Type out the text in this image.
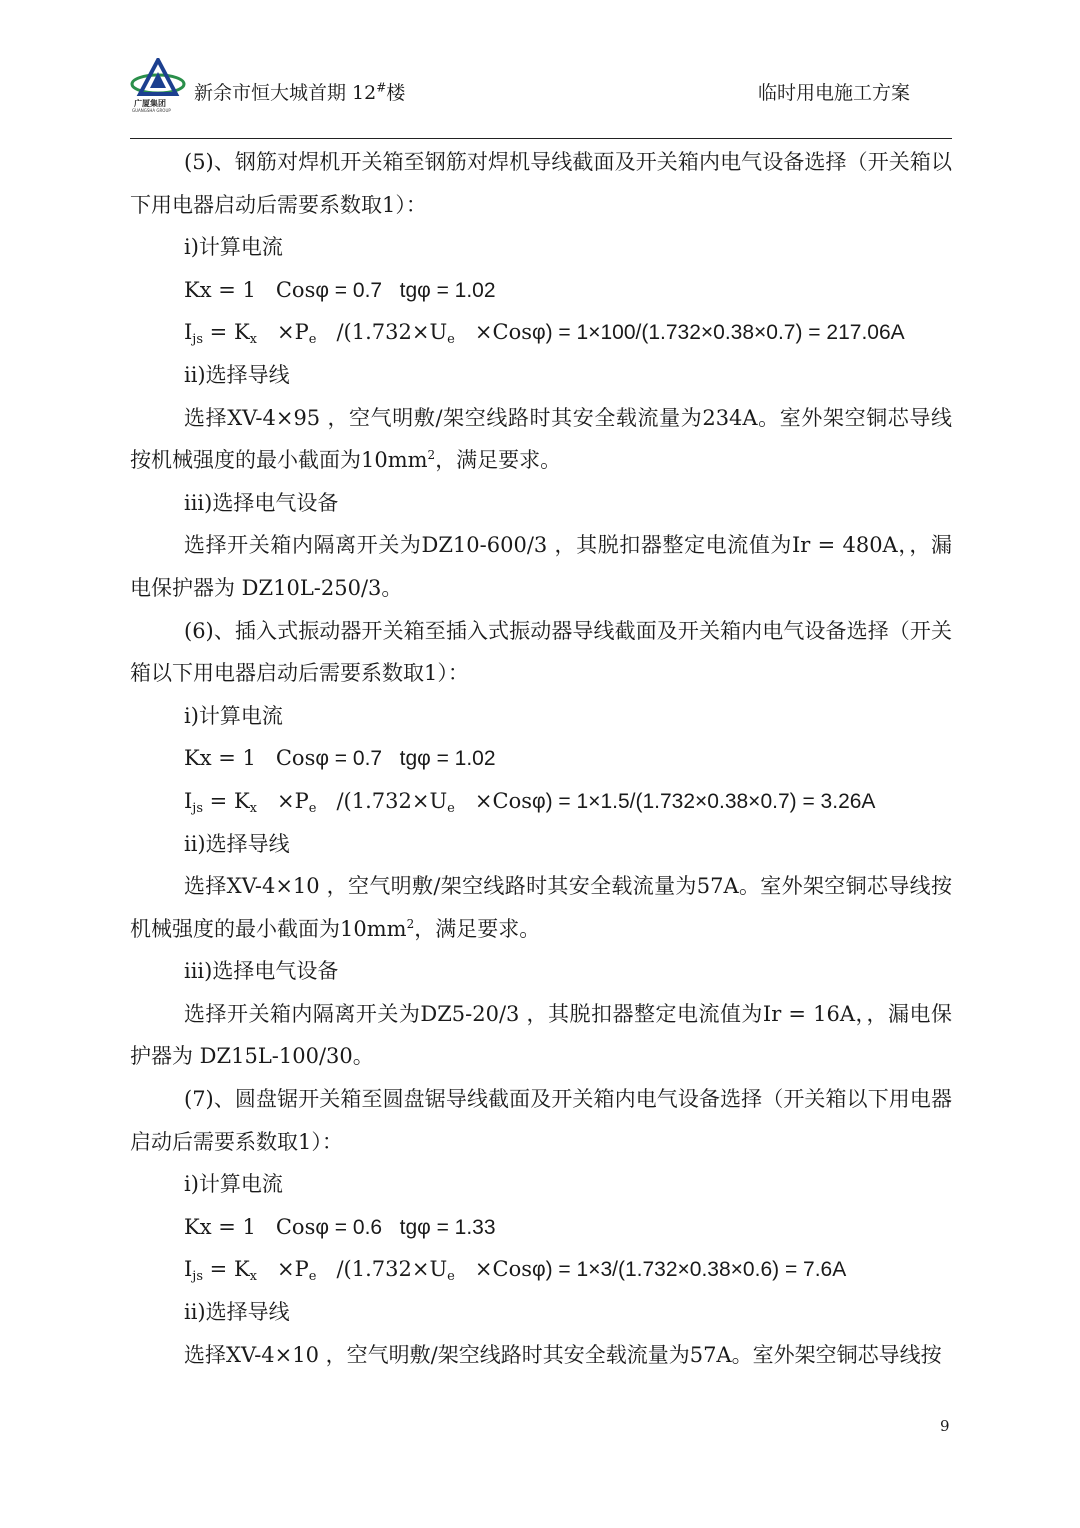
广厦集团
GUANGSHA GROUP
新余市恒大城首期 12#楼	临时用电施工方案
(5)、钢筋对焊机开关箱至钢筋对焊机导线截面及开关箱内电气设备选择（开关箱以下用电器启动后需要系数取1）：
i)计算电流
Kx = 1   Cosφ = 0.7   tgφ = 1.02
$I_{js} = K_x \times P_e$   $/(1.732\times U_e \times Cos\varphi) = 1\times 100/(1.732\times 0.38\times 0.7) = 217.06A$
ii)选择导线
选择XV-4×95 ，空气明敷/架空线路时其安全载流量为234A。室外架空铜芯导线按机械强度的最小截面为$10mm^2$，满足要求。
iii)选择电气设备
选择开关箱内隔离开关为DZ10-600/3 ，其脱扣器整定电流值为Ir = 480A，，漏电保护器为 DZ10L-250/3。
(6)、插入式振动器开关箱至插入式振动器导线截面及开关箱内电气设备选择（开关箱以下用电器启动后需要系数取1）：
i)计算电流
Kx = 1   Cosφ = 0.7   tgφ = 1.02
$I_{js} = K_x \times P_e$   $/(1.732\times U_e \times Cos\varphi) = 1\times 1.5/(1.732\times 0.38\times 0.7) = 3.26A$
ii)选择导线
选择XV-4×10 ，空气明敷/架空线路时其安全载流量为57A。室外架空铜芯导线按机械强度的最小截面为$10mm^2$，满足要求。
iii)选择电气设备
选择开关箱内隔离开关为DZ5-20/3 ，其脱扣器整定电流值为Ir = 16A，，漏电保护器为 DZ15L-100/30。
(7)、圆盘锯开关箱至圆盘锯导线截面及开关箱内电气设备选择（开关箱以下用电器启动后需要系数取1）：
i)计算电流
Kx = 1   Cosφ = 0.6   tgφ = 1.33
$I_{js} = K_x \times P_e$   $/(1.732\times U_e \times Cos\varphi) = 1\times 3/(1.732\times 0.38\times 0.6) = 7.6A$
ii)选择导线
选择XV-4×10 ，空气明敷/架空线路时其安全载流量为57A。室外架空铜芯导线按
9
